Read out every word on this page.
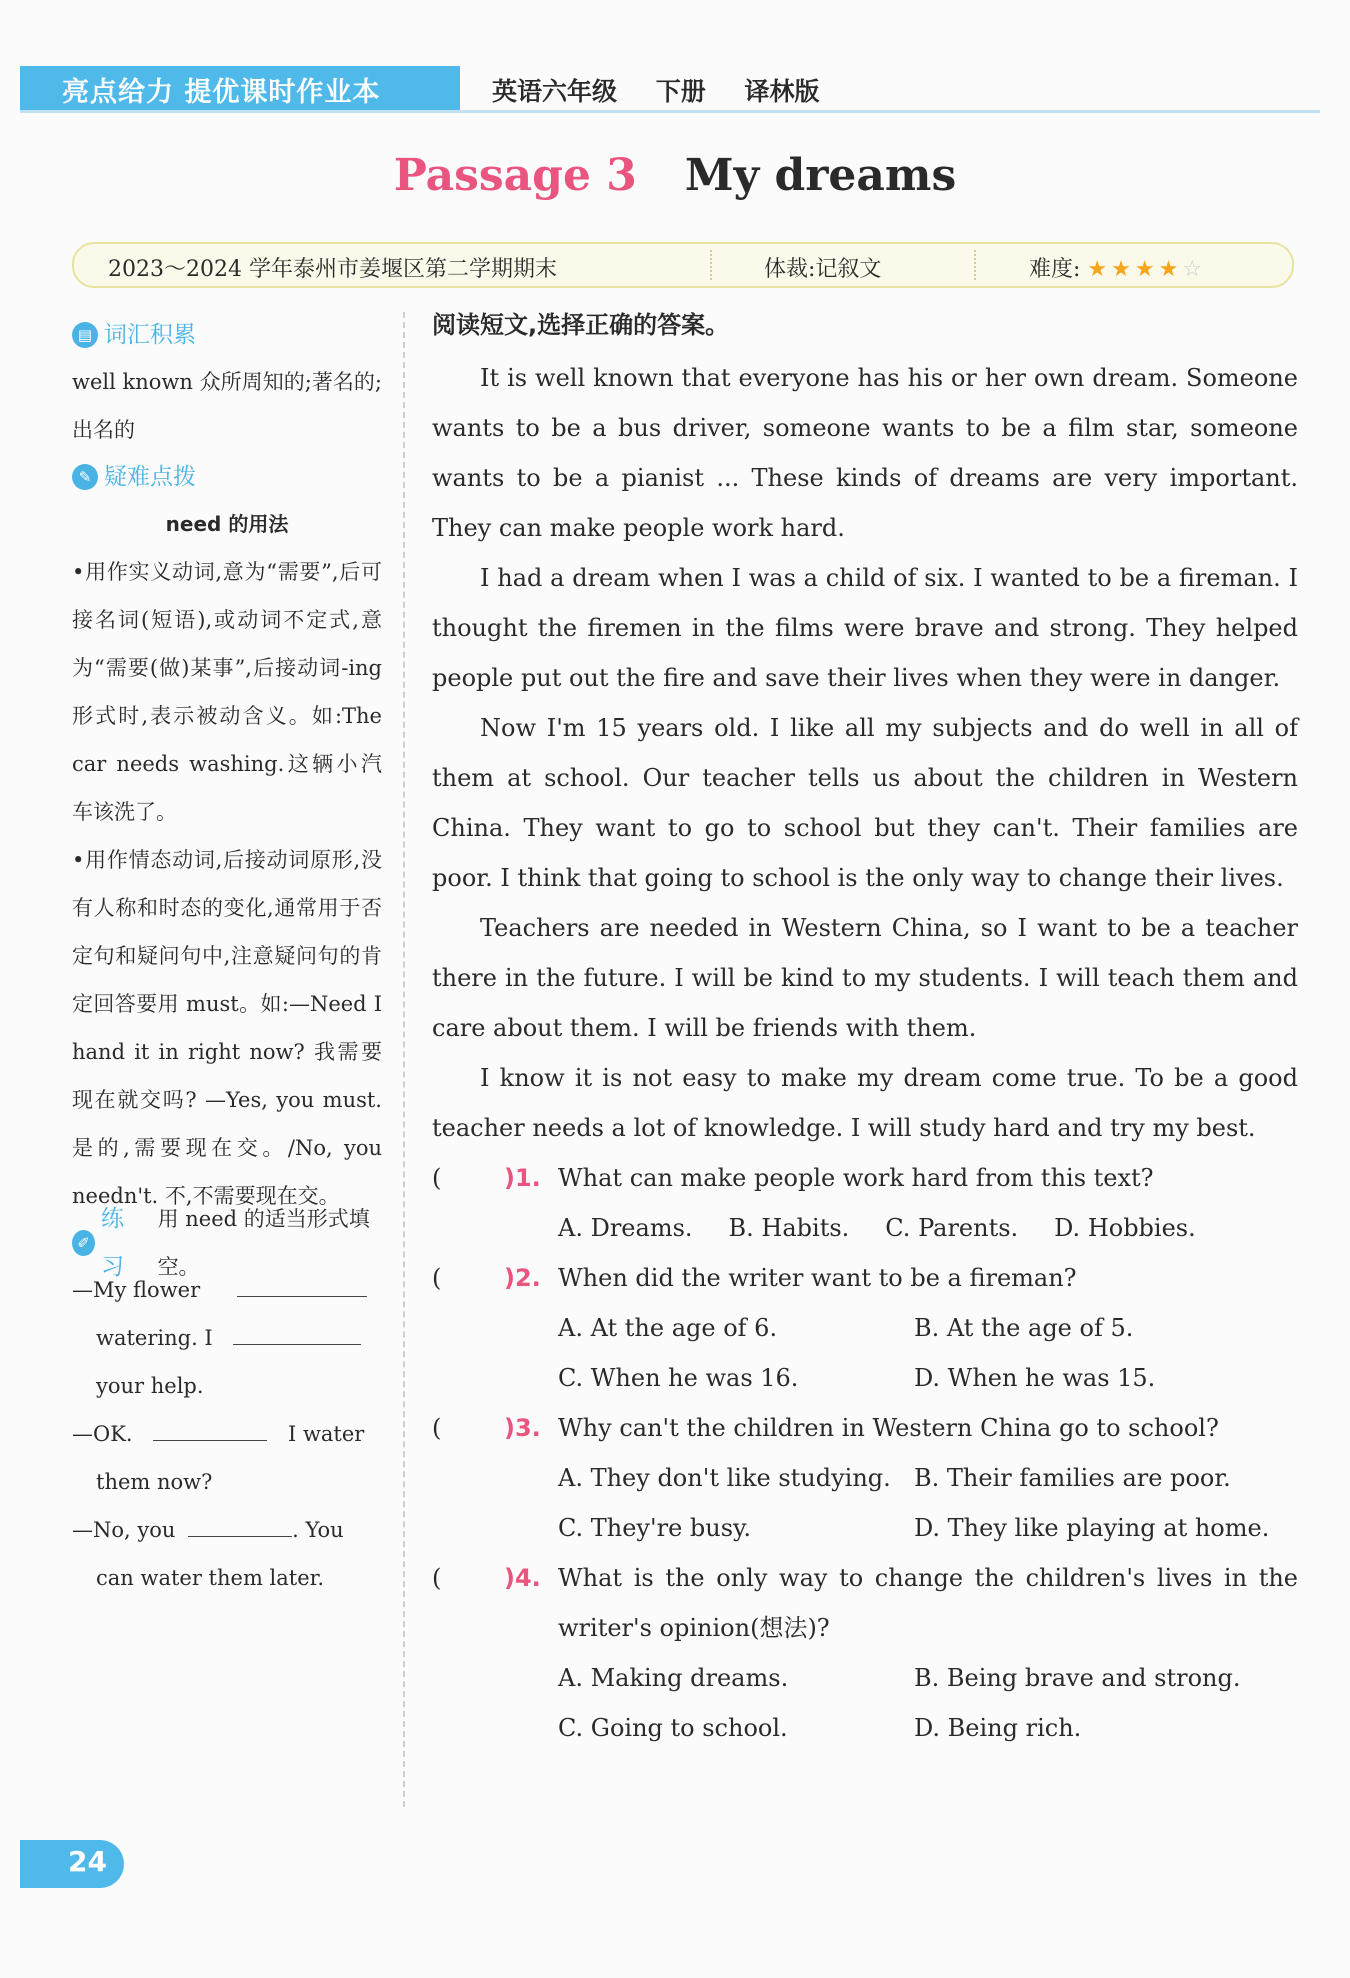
亮点给力 提优课时作业本	英语六年级 下册 译林版
Passage 3 My dreams
2023～2024 学年泰州市姜堰区第二学期期末	体裁:记叙文	难度: ★ ★ ★ ★ ☆
▤ 词汇积累
well known 众所周知的;著名的;出名的
✎ 疑难点拨
need 的用法
•用作实义动词,意为“需要”,后可接名词(短语),或动词不定式,意为“需要(做)某事”,后接动词-ing形式时,表示被动含义。如:The car needs washing.这辆小汽车该洗了。
•用作情态动词,后接动词原形,没有人称和时态的变化,通常用于否定句和疑问句中,注意疑问句的肯定回答要用 must。如:—Need I hand it in right now? 我需要现在就交吗? —Yes, you must. 是的,需要现在交。/No, you needn't. 不,不需要现在交。
✐
练习
用 need 的适当形式填空。
—My flower
watering. I
your help.
—OK.	I water
them now?
—No, you	. You
can water them later.
阅读短文,选择正确的答案。

It is well known that everyone has his or her own dream. Someone wants to be a bus driver, someone wants to be a film star, someone wants to be a pianist ... These kinds of dreams are very important. They can make people work hard.

I had a dream when I was a child of six. I wanted to be a fireman. I thought the firemen in the films were brave and strong. They helped people put out the fire and save their lives when they were in danger.

Now I'm 15 years old. I like all my subjects and do well in all of them at school. Our teacher tells us about the children in Western China. They want to go to school but they can't. Their families are poor. I think that going to school is the only way to change their lives.

Teachers are needed in Western China, so I want to be a teacher there in the future. I will be kind to my students. I will teach them and care about them. I will be friends with them.

I know it is not easy to make my dream come true. To be a good teacher needs a lot of knowledge. I will study hard and try my best.

(	)1. What can make people work hard from this text?
A. Dreams. B. Habits. C. Parents. D. Hobbies.
(	)2. When did the writer want to be a fireman?
A. At the age of 6.	B. At the age of 5.
C. When he was 16.	D. When he was 15.
(	)3. Why can't the children in Western China go to school?
A. They don't like studying. B. Their families are poor.
C. They're busy.	D. They like playing at home.
(	)4. What is the only way to change the children's lives in the writer's opinion(想法)?
A. Making dreams.	B. Being brave and strong.
C. Going to school.	D. Being rich.
24
